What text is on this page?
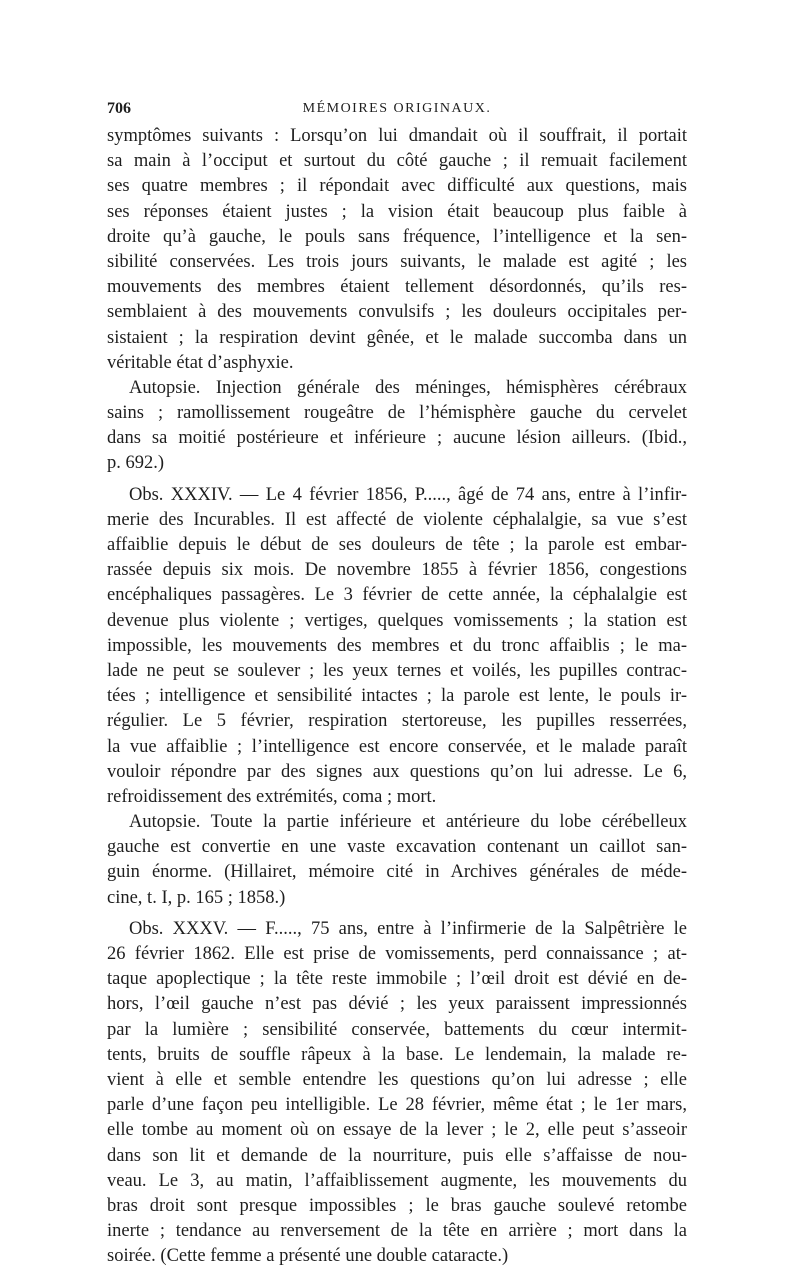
706	MÉMOIRES ORIGINAUX.
symptômes suivants : Lorsqu’on lui dmandait où il souffrait, il portait
sa main à l’occiput et surtout du côté gauche ; il remuait facilement
ses quatre membres ; il répondait avec difficulté aux questions, mais
ses réponses étaient justes ; la vision était beaucoup plus faible à
droite qu’à gauche, le pouls sans fréquence, l’intelligence et la sen-
sibilité conservées. Les trois jours suivants, le malade est agité ; les
mouvements des membres étaient tellement désordonnés, qu’ils res-
semblaient à des mouvements convulsifs ; les douleurs occipitales per-
sistaient ; la respiration devint gênée, et le malade succomba dans un
véritable état d’asphyxie.
Autopsie. Injection générale des méninges, hémisphères cérébraux
sains ; ramollissement rougeâtre de l’hémisphère gauche du cervelet
dans sa moitié postérieure et inférieure ; aucune lésion ailleurs. (Ibid.,
p. 692.)
Obs. XXXIV. — Le 4 février 1856, P....., âgé de 74 ans, entre à l’infir-
merie des Incurables. Il est affecté de violente céphalalgie, sa vue s’est
affaiblie depuis le début de ses douleurs de tête ; la parole est embar-
rassée depuis six mois. De novembre 1855 à février 1856, congestions
encéphaliques passagères. Le 3 février de cette année, la céphalalgie est
devenue plus violente ; vertiges, quelques vomissements ; la station est
impossible, les mouvements des membres et du tronc affaiblis ; le ma-
lade ne peut se soulever ; les yeux ternes et voilés, les pupilles contrac-
tées ; intelligence et sensibilité intactes ; la parole est lente, le pouls ir-
régulier. Le 5 février, respiration stertoreuse, les pupilles resserrées,
la vue affaiblie ; l’intelligence est encore conservée, et le malade paraît
vouloir répondre par des signes aux questions qu’on lui adresse. Le 6,
refroidissement des extrémités, coma ; mort.
Autopsie. Toute la partie inférieure et antérieure du lobe cérébelleux
gauche est convertie en une vaste excavation contenant un caillot san-
guin énorme. (Hillairet, mémoire cité in Archives générales de méde-
cine, t. I, p. 165 ; 1858.)
Obs. XXXV. — F....., 75 ans, entre à l’infirmerie de la Salpêtrière le
26 février 1862. Elle est prise de vomissements, perd connaissance ; at-
taque apoplectique ; la tête reste immobile ; l’œil droit est dévié en de-
hors, l’œil gauche n’est pas dévié ; les yeux paraissent impressionnés
par la lumière ; sensibilité conservée, battements du cœur intermit-
tents, bruits de souffle râpeux à la base. Le lendemain, la malade re-
vient à elle et semble entendre les questions qu’on lui adresse ; elle
parle d’une façon peu intelligible. Le 28 février, même état ; le 1er mars,
elle tombe au moment où on essaye de la lever ; le 2, elle peut s’asseoir
dans son lit et demande de la nourriture, puis elle s’affaisse de nou-
veau. Le 3, au matin, l’affaiblissement augmente, les mouvements du
bras droit sont presque impossibles ; le bras gauche soulevé retombe
inerte ; tendance au renversement de la tête en arrière ; mort dans la
soirée. (Cette femme a présenté une double cataracte.)
